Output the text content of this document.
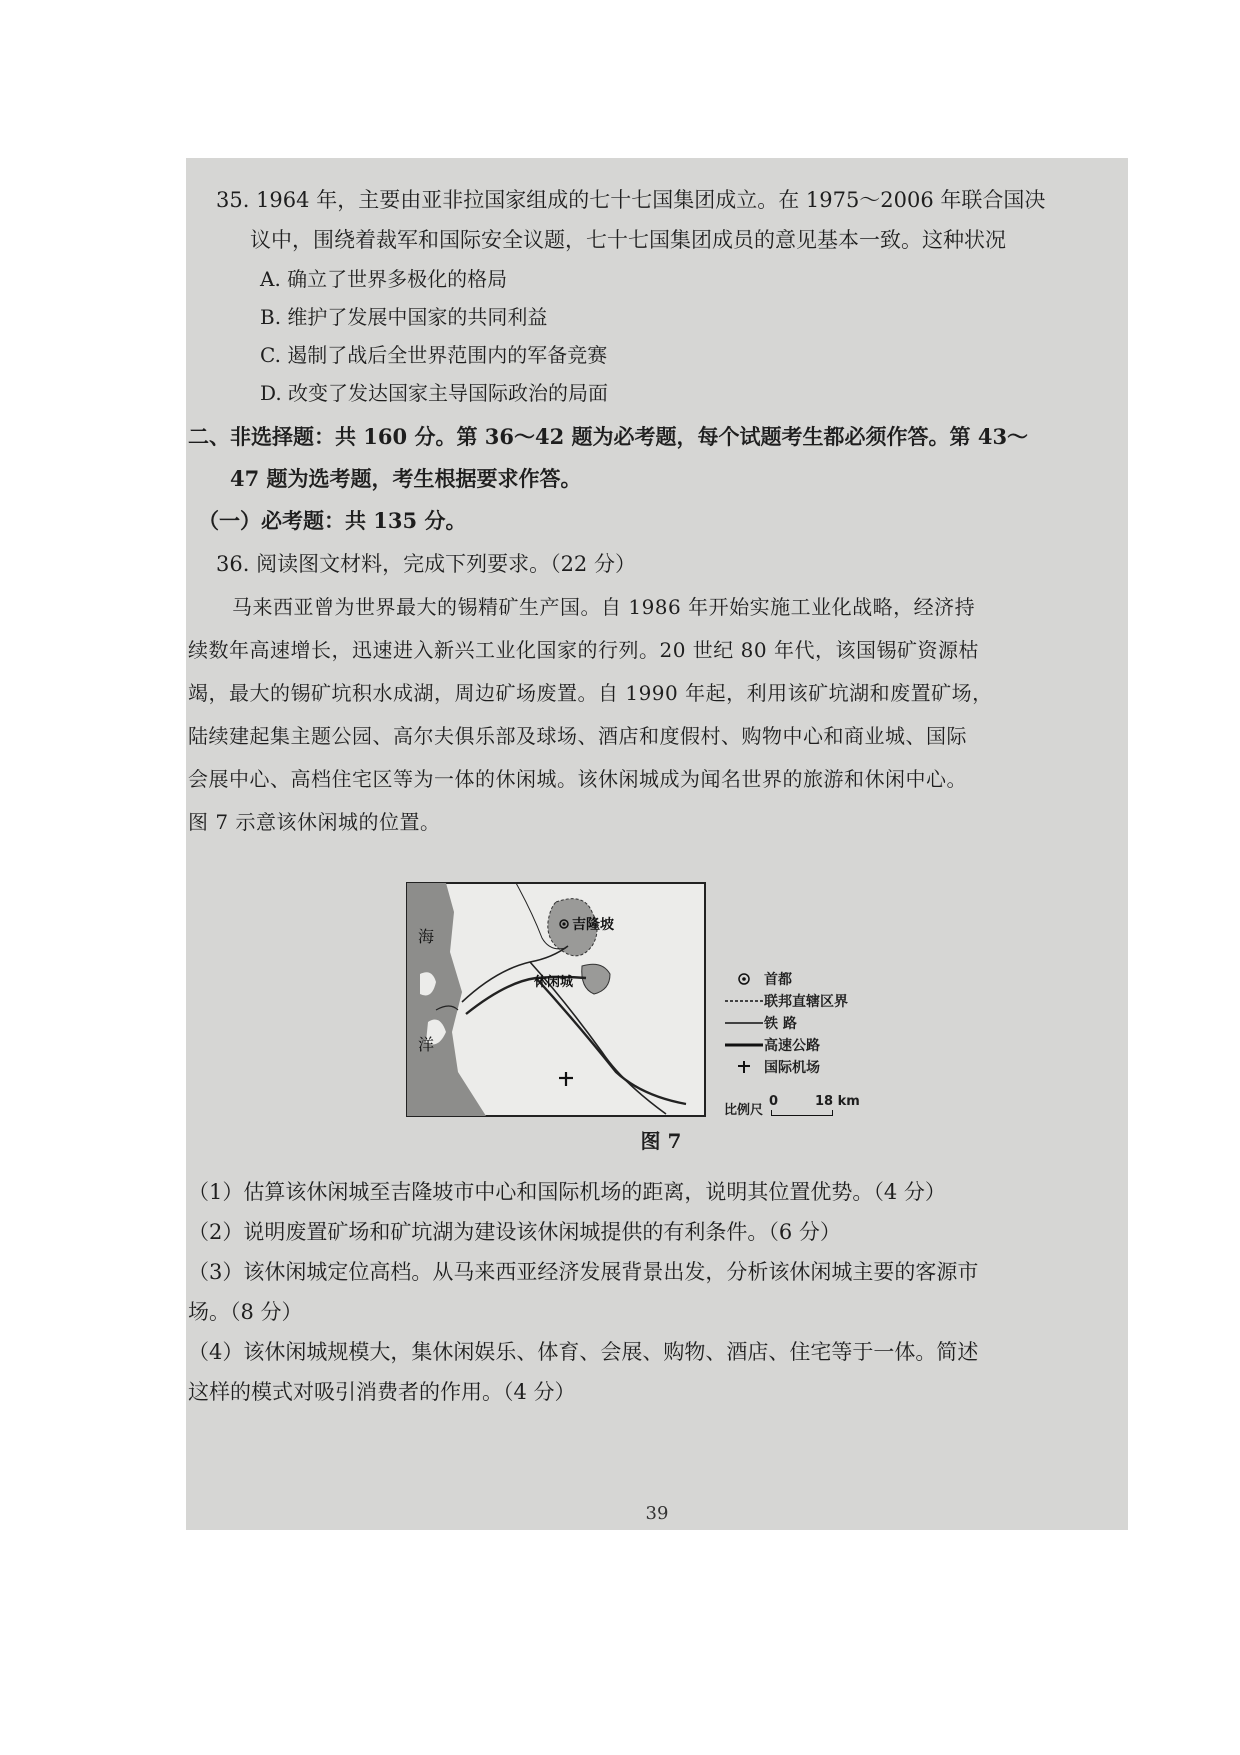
35. 1964 年，主要由亚非拉国家组成的七十七国集团成立。在 1975～2006 年联合国决
议中，围绕着裁军和国际安全议题，七十七国集团成员的意见基本一致。这种状况
A. 确立了世界多极化的格局
B. 维护了发展中国家的共同利益
C. 遏制了战后全世界范围内的军备竞赛
D. 改变了发达国家主导国际政治的局面
二、非选择题：共 160 分。第 36～42 题为必考题，每个试题考生都必须作答。第 43～
47 题为选考题，考生根据要求作答。
（一）必考题：共 135 分。
36. 阅读图文材料，完成下列要求。（22 分）
马来西亚曾为世界最大的锡精矿生产国。自 1986 年开始实施工业化战略，经济持
续数年高速增长，迅速进入新兴工业化国家的行列。20 世纪 80 年代，该国锡矿资源枯
竭，最大的锡矿坑积水成湖，周边矿场废置。自 1990 年起，利用该矿坑湖和废置矿场，
陆续建起集主题公园、高尔夫俱乐部及球场、酒店和度假村、购物中心和商业城、国际
会展中心、高档住宅区等为一体的休闲城。该休闲城成为闻名世界的旅游和休闲中心。
图 7 示意该休闲城的位置。
海
洋
吉隆坡
休闲城	首都
联邦直辖区界
铁 路
高速公路
国际机场
比例尺
0	18 km
图 7
（1）估算该休闲城至吉隆坡市中心和国际机场的距离，说明其位置优势。（4 分）
（2）说明废置矿场和矿坑湖为建设该休闲城提供的有利条件。（6 分）
（3）该休闲城定位高档。从马来西亚经济发展背景出发，分析该休闲城主要的客源市
场。（8 分）
（4）该休闲城规模大，集休闲娱乐、体育、会展、购物、酒店、住宅等于一体。简述
这样的模式对吸引消费者的作用。（4 分）
39
